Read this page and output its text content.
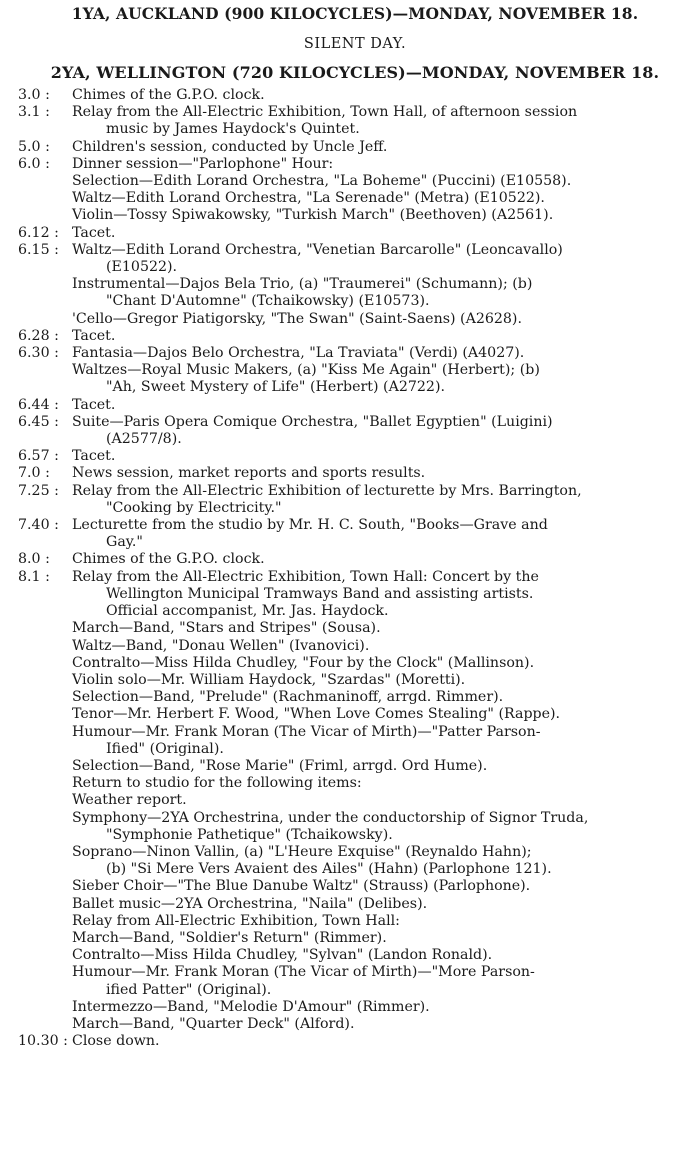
1YA, AUCKLAND (900 KILOCYCLES)—MONDAY, NOVEMBER 18.
SILENT DAY.
2YA, WELLINGTON (720 KILOCYCLES)—MONDAY, NOVEMBER 18.
3.0 :	Chimes of the G.P.O. clock.
3.1 :	Relay from the All-Electric Exhibition, Town Hall, of afternoon session
music by James Haydock's Quintet.
5.0 :	Children's session, conducted by Uncle Jeff.
6.0 :	Dinner session—"Parlophone" Hour:
Selection—Edith Lorand Orchestra, "La Boheme" (Puccini) (E10558).
Waltz—Edith Lorand Orchestra, "La Serenade" (Metra) (E10522).
Violin—Tossy Spiwakowsky, "Turkish March" (Beethoven) (A2561).
6.12 : Tacet.
6.15 : Waltz—Edith Lorand Orchestra, "Venetian Barcarolle" (Leoncavallo)
(E10522).
Instrumental—Dajos Bela Trio, (a) "Traumerei" (Schumann); (b)
"Chant D'Automne" (Tchaikowsky) (E10573).
'Cello—Gregor Piatigorsky, "The Swan" (Saint-Saens) (A2628).
6.28 : Tacet.
6.30 : Fantasia—Dajos Belo Orchestra, "La Traviata" (Verdi) (A4027).
Waltzes—Royal Music Makers, (a) "Kiss Me Again" (Herbert); (b)
"Ah, Sweet Mystery of Life" (Herbert) (A2722).
6.44 : Tacet.
6.45 : Suite—Paris Opera Comique Orchestra, "Ballet Egyptien" (Luigini)
(A2577/8).
6.57 : Tacet.
7.0 :	News session, market reports and sports results.
7.25 : Relay from the All-Electric Exhibition of lecturette by Mrs. Barrington,
"Cooking by Electricity."
7.40 : Lecturette from the studio by Mr. H. C. South, "Books—Grave and
Gay."
8.0 :	Chimes of the G.P.O. clock.
8.1 :	Relay from the All-Electric Exhibition, Town Hall: Concert by the
Wellington Municipal Tramways Band and assisting artists.
Official accompanist, Mr. Jas. Haydock.
March—Band, "Stars and Stripes" (Sousa).
Waltz—Band, "Donau Wellen" (Ivanovici).
Contralto—Miss Hilda Chudley, "Four by the Clock" (Mallinson).
Violin solo—Mr. William Haydock, "Szardas" (Moretti).
Selection—Band, "Prelude" (Rachmaninoff, arrgd. Rimmer).
Tenor—Mr. Herbert F. Wood, "When Love Comes Stealing" (Rappe).
Humour—Mr. Frank Moran (The Vicar of Mirth)—"Patter Parson-
Ified" (Original).
Selection—Band, "Rose Marie" (Friml, arrgd. Ord Hume).
Return to studio for the following items:
Weather report.
Symphony—2YA Orchestrina, under the conductorship of Signor Truda,
"Symphonie Pathetique" (Tchaikowsky).
Soprano—Ninon Vallin, (a) "L'Heure Exquise" (Reynaldo Hahn);
(b) "Si Mere Vers Avaient des Ailes" (Hahn) (Parlophone 121).
Sieber Choir—"The Blue Danube Waltz" (Strauss) (Parlophone).
Ballet music—2YA Orchestrina, "Naila" (Delibes).
Relay from All-Electric Exhibition, Town Hall:
March—Band, "Soldier's Return" (Rimmer).
Contralto—Miss Hilda Chudley, "Sylvan" (Landon Ronald).
Humour—Mr. Frank Moran (The Vicar of Mirth)—"More Parson-
ified Patter" (Original).
Intermezzo—Band, "Melodie D'Amour" (Rimmer).
March—Band, "Quarter Deck" (Alford).
10.30 : Close down.
